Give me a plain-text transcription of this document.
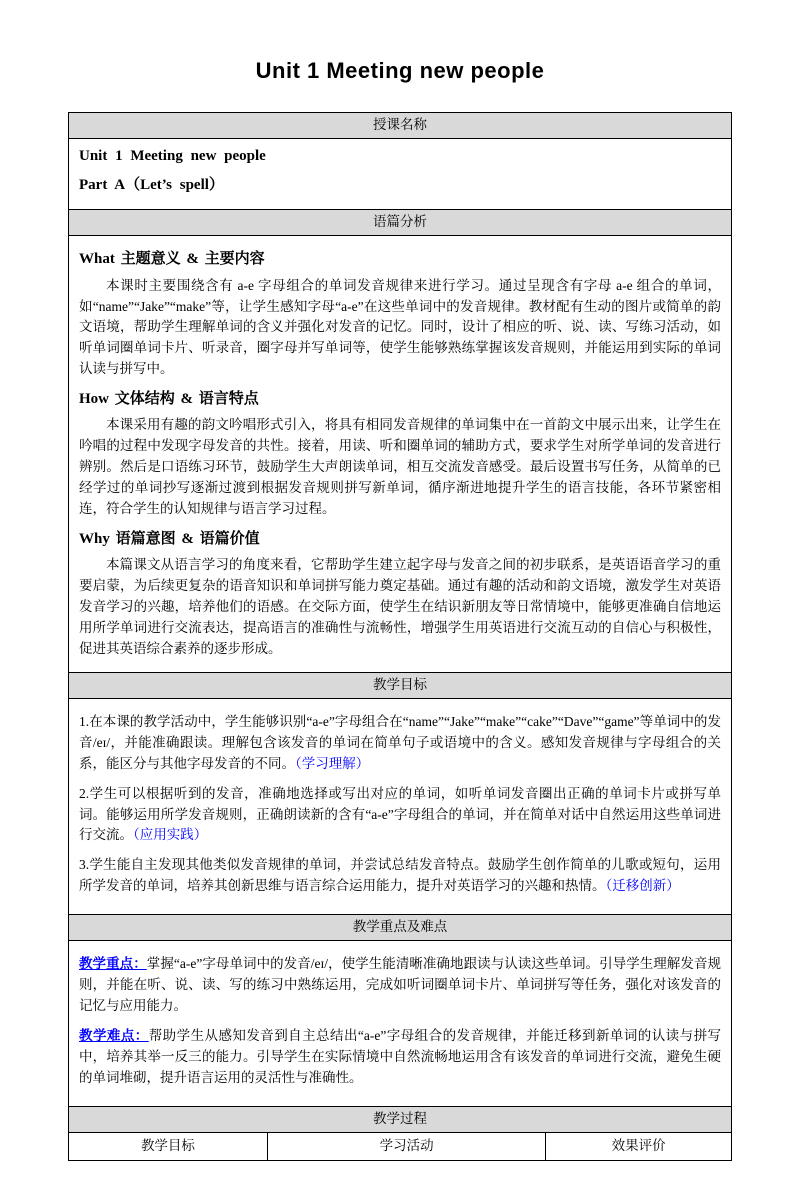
Unit 1 Meeting new people
授课名称

Unit 1 Meeting new people

Part A（Let’s spell）

语篇分析

What 主题意义 & 主要内容

本课时主要围绕含有 a-e 字母组合的单词发音规律来进行学习。通过呈现含有字母 a-e 组合的单词，如“name”“Jake”“make”等，让学生感知字母“a-e”在这些单词中的发音规律。教材配有生动的图片或简单的韵文语境，帮助学生理解单词的含义并强化对发音的记忆。同时，设计了相应的听、说、读、写练习活动，如听单词圈单词卡片、听录音，圈字母并写单词等，使学生能够熟练掌握该发音规则，并能运用到实际的单词认读与拼写中。

How 文体结构 & 语言特点

本课采用有趣的韵文吟唱形式引入，将具有相同发音规律的单词集中在一首韵文中展示出来，让学生在吟唱的过程中发现字母发音的共性。接着，用读、听和圈单词的辅助方式，要求学生对所学单词的发音进行辨别。然后是口语练习环节，鼓励学生大声朗读单词，相互交流发音感受。最后设置书写任务，从简单的已经学过的单词抄写逐渐过渡到根据发音规则拼写新单词，循序渐进地提升学生的语言技能，各环节紧密相连，符合学生的认知规律与语言学习过程。

Why 语篇意图 & 语篇价值

本篇课文从语言学习的角度来看，它帮助学生建立起字母与发音之间的初步联系，是英语语音学习的重要启蒙，为后续更复杂的语音知识和单词拼写能力奠定基础。通过有趣的活动和韵文语境，激发学生对英语发音学习的兴趣，培养他们的语感。在交际方面，使学生在结识新朋友等日常情境中，能够更准确自信地运用所学单词进行交流表达，提高语言的准确性与流畅性，增强学生用英语进行交流互动的自信心与积极性，促进其英语综合素养的逐步形成。

教学目标

1.在本课的教学活动中，学生能够识别“a-e”字母组合在“name”“Jake”“make”“cake”“Dave”“game”等单词中的发音/eɪ/，并能准确跟读。理解包含该发音的单词在简单句子或语境中的含义。感知发音规律与字母组合的关系，能区分与其他字母发音的不同。（学习理解）

2.学生可以根据听到的发音，准确地选择或写出对应的单词，如听单词发音圈出正确的单词卡片或拼写单词。能够运用所学发音规则，正确朗读新的含有“a-e”字母组合的单词，并在简单对话中自然运用这些单词进行交流。（应用实践）

3.学生能自主发现其他类似发音规律的单词，并尝试总结发音特点。鼓励学生创作简单的儿歌或短句，运用所学发音的单词，培养其创新思维与语言综合运用能力，提升对英语学习的兴趣和热情。（迁移创新）

教学重点及难点

教学重点：掌握“a-e”字母单词中的发音/eɪ/，使学生能清晰准确地跟读与认读这些单词。引导学生理解发音规则，并能在听、说、读、写的练习中熟练运用，完成如听词圈单词卡片、单词拼写等任务，强化对该发音的记忆与应用能力。

教学难点：帮助学生从感知发音到自主总结出“a-e”字母组合的发音规律，并能迁移到新单词的认读与拼写中，培养其举一反三的能力。引导学生在实际情境中自然流畅地运用含有该发音的单词进行交流，避免生硬的单词堆砌，提升语言运用的灵活性与准确性。

教学过程
教学目标	学习活动	效果评价
